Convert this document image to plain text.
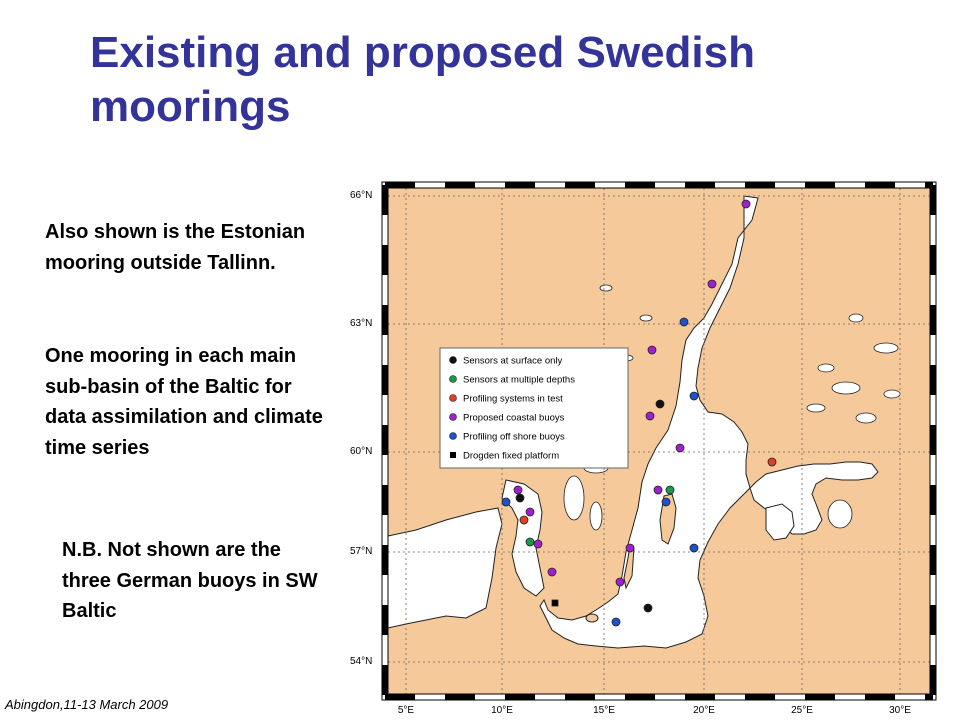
Existing and proposed Swedish moorings

Also shown is the Estonian mooring outside Tallinn.

One mooring in each main sub-basin of the Baltic for data assimilation and climate time series

N.B. Not shown are the three German buoys in SW Baltic

Abingdon,11-13 March 2009
66°N
63°N
60°N
57°N
54°N
5°E	10°E	15°E	20°E	25°E	30°E
Sensors at surface only
Sensors at multiple depths
Profiling systems in test
Proposed coastal buoys
Profiling off shore buoys
Drogden fixed platform
